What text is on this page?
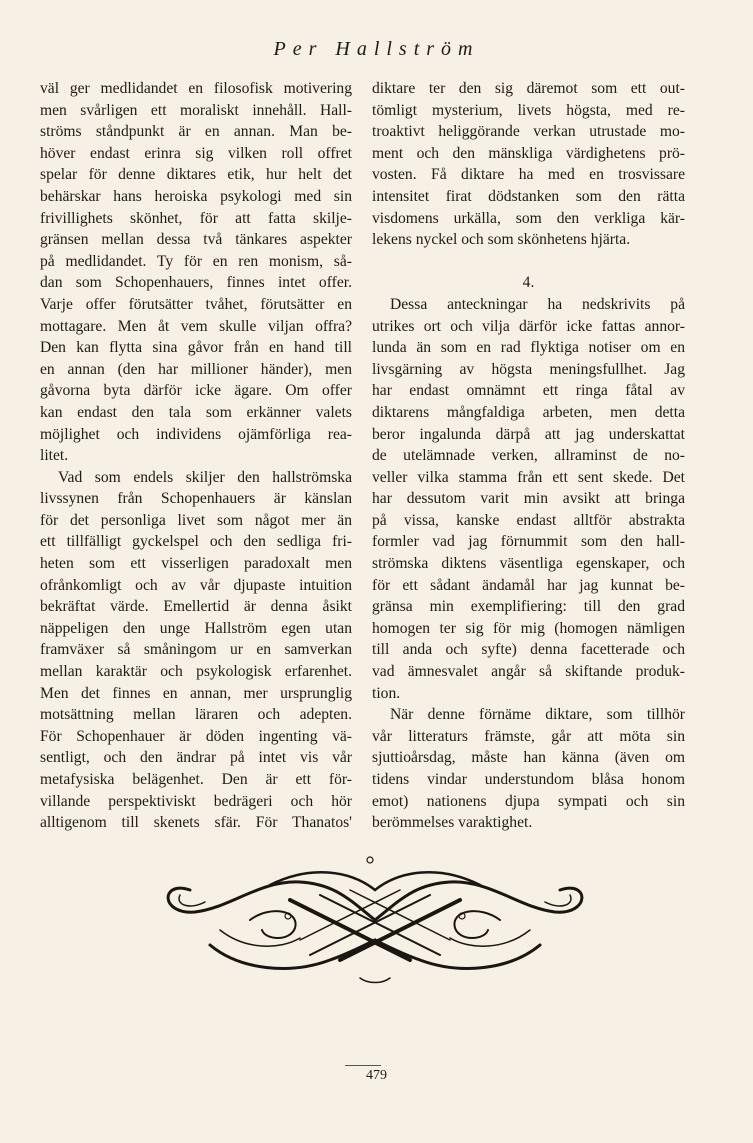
Per Hallström
väl ger medlidandet en filosofisk motivering
men svårligen ett moraliskt innehåll. Hall-
ströms ståndpunkt är en annan. Man be-
höver endast erinra sig vilken roll offret
spelar för denne diktares etik, hur helt det
behärskar hans heroiska psykologi med sin
frivillighets skönhet, för att fatta skilje-
gränsen mellan dessa två tänkares aspekter
på medlidandet. Ty för en ren monism, så-
dan som Schopenhauers, finnes intet offer.
Varje offer förutsätter tvåhet, förutsätter en
mottagare. Men åt vem skulle viljan offra?
Den kan flytta sina gåvor från en hand till
en annan (den har millioner händer), men
gåvorna byta därför icke ägare. Om offer
kan endast den tala som erkänner valets
möjlighet och individens ojämförliga rea-
litet.
Vad som endels skiljer den hallströmska
livssynen från Schopenhauers är känslan
för det personliga livet som något mer än
ett tillfälligt gyckelspel och den sedliga fri-
heten som ett visserligen paradoxalt men
ofrånkomligt och av vår djupaste intuition
bekräftat värde. Emellertid är denna åsikt
näppeligen den unge Hallström egen utan
framväxer så småningom ur en samverkan
mellan karaktär och psykologisk erfarenhet.
Men det finnes en annan, mer ursprunglig
motsättning mellan läraren och adepten.
För Schopenhauer är döden ingenting vä-
sentligt, och den ändrar på intet vis vår
metafysiska belägenhet. Den är ett för-
villande perspektiviskt bedrägeri och hör
alltigenom till skenets sfär. För Thanatos'
diktare ter den sig däremot som ett out-
tömligt mysterium, livets högsta, med re-
troaktivt heliggörande verkan utrustade mo-
ment och den mänskliga värdighetens prö-
vosten. Få diktare ha med en trosvissare
intensitet firat dödstanken som den rätta
visdomens urkälla, som den verkliga kär-
lekens nyckel och som skönhetens hjärta.
4.
Dessa anteckningar ha nedskrivits på
utrikes ort och vilja därför icke fattas annor-
lunda än som en rad flyktiga notiser om en
livsgärning av högsta meningsfullhet. Jag
har endast omnämnt ett ringa fåtal av
diktarens mångfaldiga arbeten, men detta
beror ingalunda därpå att jag underskattat
de utelämnade verken, allraminst de no-
veller vilka stamma från ett sent skede. Det
har dessutom varit min avsikt att bringa
på vissa, kanske endast alltför abstrakta
formler vad jag förnummit som den hall-
strömska diktens väsentliga egenskaper, och
för ett sådant ändamål har jag kunnat be-
gränsa min exemplifiering: till den grad
homogen ter sig för mig (homogen nämligen
till anda och syfte) denna facetterade och
vad ämnesvalet angår så skiftande produk-
tion.
När denne förnäme diktare, som tillhör
vår litteraturs främste, går att möta sin
sjuttioårsdag, måste han känna (även om
tidens vindar understundom blåsa honom
emot) nationens djupa sympati och sin
berömmelses varaktighet.
479
